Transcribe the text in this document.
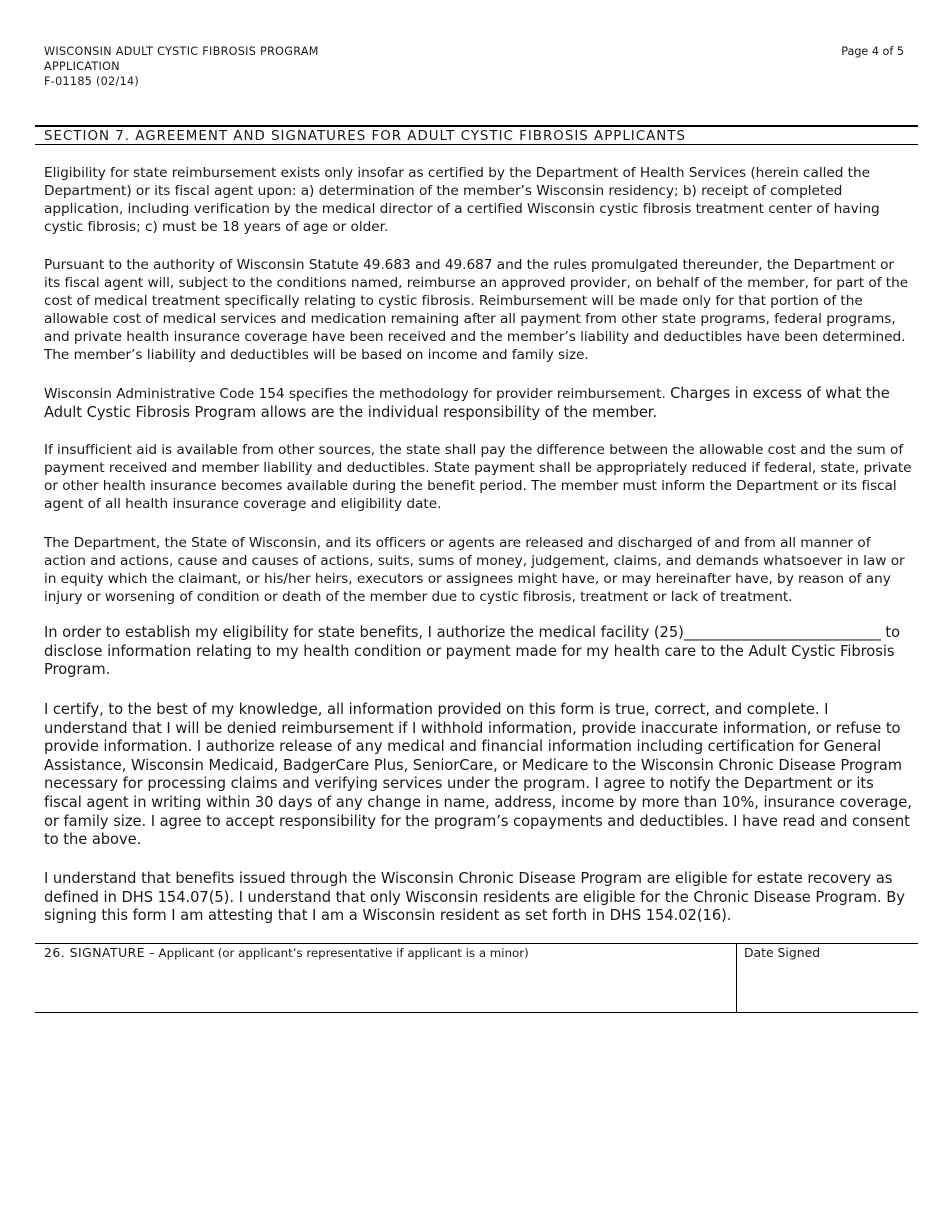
WISCONSIN ADULT CYSTIC FIBROSIS PROGRAM
APPLICATION
F-01185 (02/14)
Page 4 of 5
SECTION 7. AGREEMENT AND SIGNATURES FOR ADULT CYSTIC FIBROSIS APPLICANTS

Eligibility for state reimbursement exists only insofar as certified by the Department of Health Services (herein called the Department) or its fiscal agent upon: a) determination of the member’s Wisconsin residency; b) receipt of completed application, including verification by the medical director of a certified Wisconsin cystic fibrosis treatment center of having cystic fibrosis; c) must be 18 years of age or older.

Pursuant to the authority of Wisconsin Statute 49.683 and 49.687 and the rules promulgated thereunder, the Department or its fiscal agent will, subject to the conditions named, reimburse an approved provider, on behalf of the member, for part of the cost of medical treatment specifically relating to cystic fibrosis. Reimbursement will be made only for that portion of the allowable cost of medical services and medication remaining after all payment from other state programs, federal programs, and private health insurance coverage have been received and the member’s liability and deductibles have been determined. The member’s liability and deductibles will be based on income and family size.

Wisconsin Administrative Code 154 specifies the methodology for provider reimbursement. Charges in excess of what the Adult Cystic Fibrosis Program allows are the individual responsibility of the member.

If insufficient aid is available from other sources, the state shall pay the difference between the allowable cost and the sum of payment received and member liability and deductibles. State payment shall be appropriately reduced if federal, state, private or other health insurance becomes available during the benefit period. The member must inform the Department or its fiscal agent of all health insurance coverage and eligibility date.

The Department, the State of Wisconsin, and its officers or agents are released and discharged of and from all manner of action and actions, cause and causes of actions, suits, sums of money, judgement, claims, and demands whatsoever in law or in equity which the claimant, or his/her heirs, executors or assignees might have, or may hereinafter have, by reason of any injury or worsening of condition or death of the member due to cystic fibrosis, treatment or lack of treatment.

In order to establish my eligibility for state benefits, I authorize the medical facility (25)___________________________ to disclose information relating to my health condition or payment made for my health care to the Adult Cystic Fibrosis Program.

I certify, to the best of my knowledge, all information provided on this form is true, correct, and complete. I understand that I will be denied reimbursement if I withhold information, provide inaccurate information, or refuse to provide information. I authorize release of any medical and financial information including certification for General Assistance, Wisconsin Medicaid, BadgerCare Plus, SeniorCare, or Medicare to the Wisconsin Chronic Disease Program necessary for processing claims and verifying services under the program. I agree to notify the Department or its fiscal agent in writing within 30 days of any change in name, address, income by more than 10%, insurance coverage, or family size. I agree to accept responsibility for the program’s copayments and deductibles. I have read and consent to the above.

I understand that benefits issued through the Wisconsin Chronic Disease Program are eligible for estate recovery as defined in DHS 154.07(5). I understand that only Wisconsin residents are eligible for the Chronic Disease Program. By signing this form I am attesting that I am a Wisconsin resident as set forth in DHS 154.02(16).

26. SIGNATURE – Applicant (or applicant’s representative if applicant is a minor)	Date Signed
